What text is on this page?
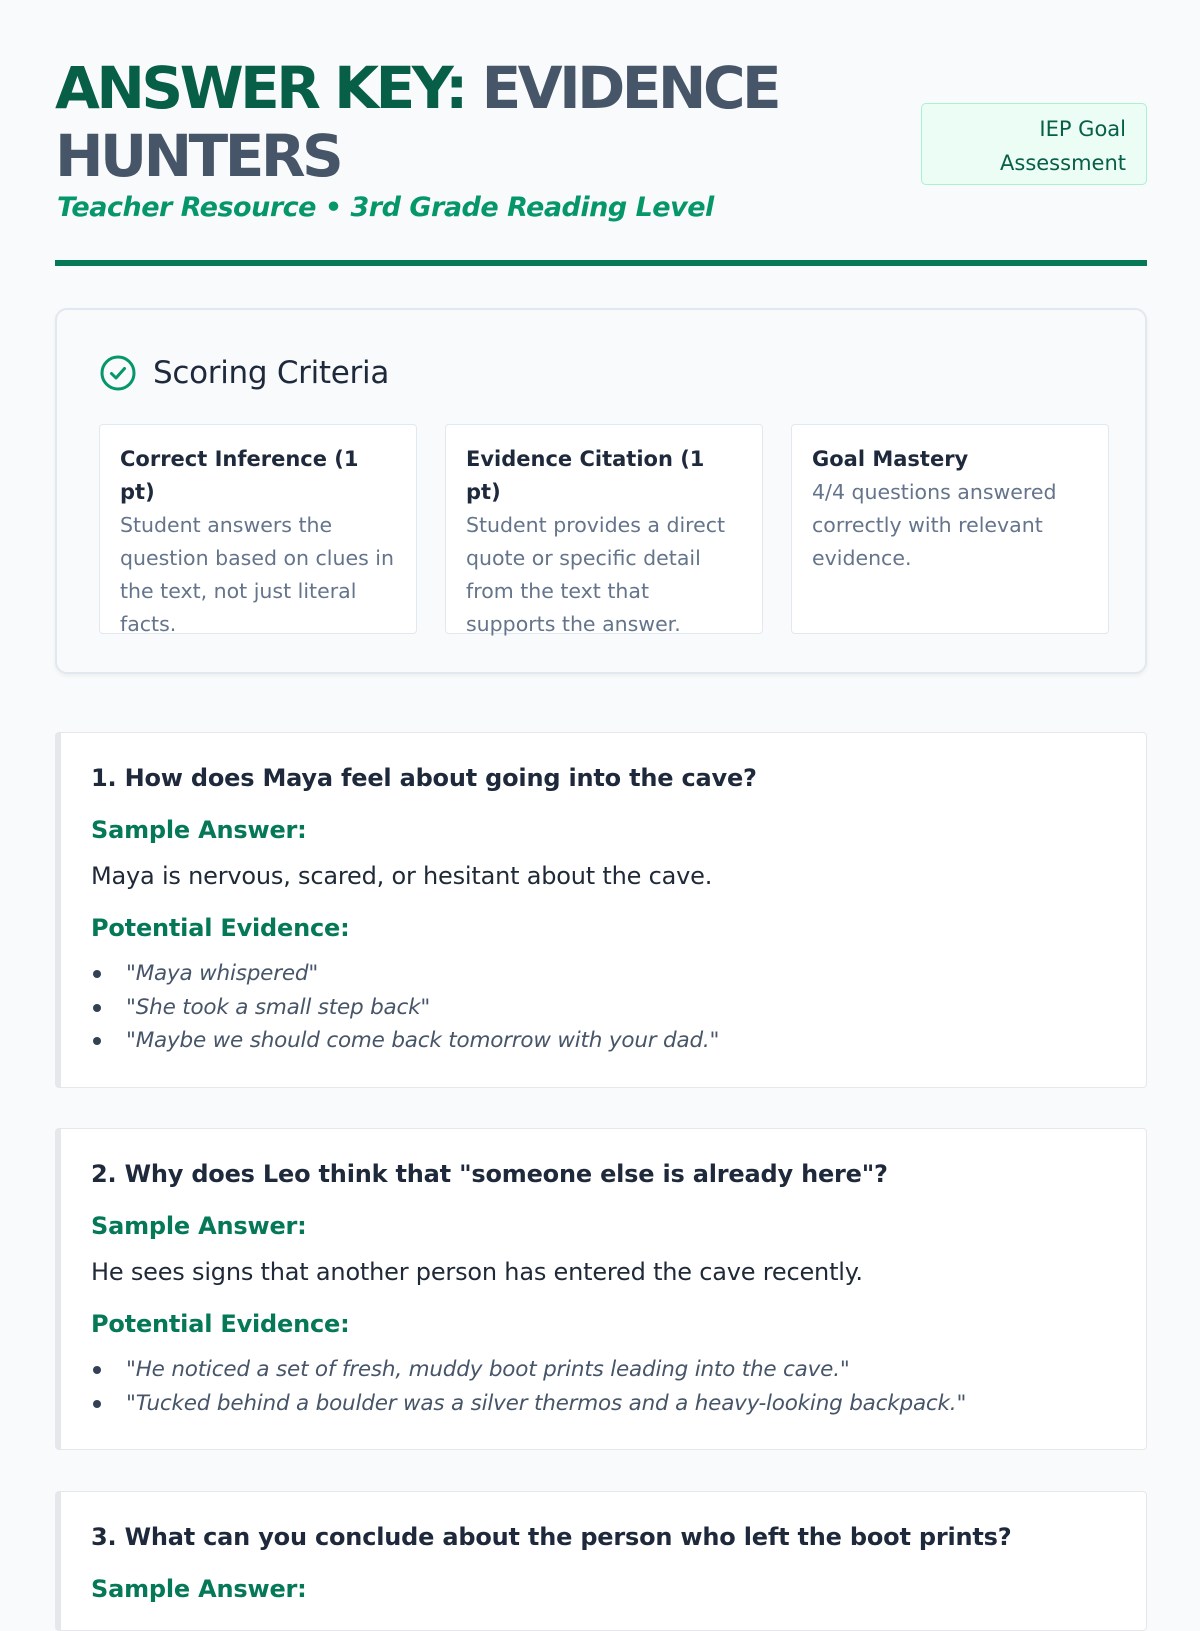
ANSWER KEY: EVIDENCE HUNTERS

Teacher Resource • 3rd Grade Reading Level

IEP Goal
Assessment
Scoring Criteria
Correct Inference (1 pt)
Student answers the question based on clues in the text, not just literal facts.
Evidence Citation (1 pt)
Student provides a direct quote or specific detail from the text that supports the answer.
Goal Mastery
4/4 questions answered correctly with relevant evidence.

1. How does Maya feel about going into the cave?

Sample Answer:

Maya is nervous, scared, or hesitant about the cave.

Potential Evidence:

"Maya whispered"
"She took a small step back"
"Maybe we should come back tomorrow with your dad."

2. Why does Leo think that "someone else is already here"?

Sample Answer:

He sees signs that another person has entered the cave recently.

Potential Evidence:

"He noticed a set of fresh, muddy boot prints leading into the cave."
"Tucked behind a boulder was a silver thermos and a heavy-looking backpack."

3. What can you conclude about the person who left the boot prints?

Sample Answer:
